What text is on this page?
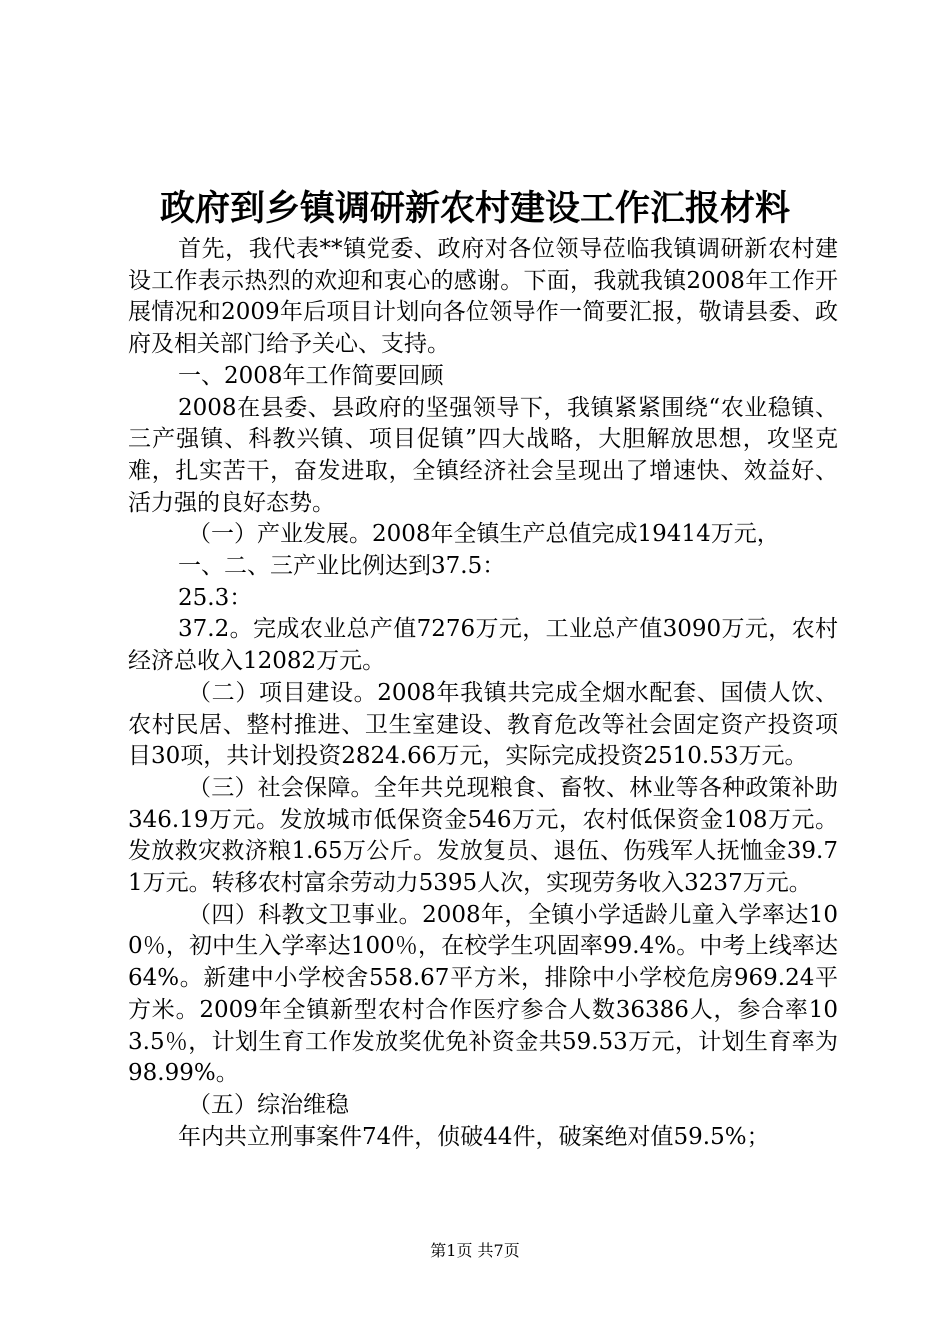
政府到乡镇调研新农村建设工作汇报材料

首先，我代表**镇党委、政府对各位领导莅临我镇调研新农村建设工作表示热烈的欢迎和衷心的感谢。下面，我就我镇2008年工作开展情况和2009年后项目计划向各位领导作一简要汇报，敬请县委、政府及相关部门给予关心、支持。

一、2008年工作简要回顾

2008在县委、县政府的坚强领导下，我镇紧紧围绕“农业稳镇、三产强镇、科教兴镇、项目促镇”四大战略，大胆解放思想，攻坚克难，扎实苦干，奋发进取，全镇经济社会呈现出了增速快、效益好、活力强的良好态势。

（一）产业发展。2008年全镇生产总值完成19414万元，

一、二、三产业比例达到37.5：

25.3：

37.2。完成农业总产值7276万元，工业总产值3090万元，农村经济总收入12082万元。

（二）项目建设。2008年我镇共完成全烟水配套、国债人饮、农村民居、整村推进、卫生室建设、教育危改等社会固定资产投资项目30项，共计划投资2824.66万元，实际完成投资2510.53万元。

（三）社会保障。全年共兑现粮食、畜牧、林业等各种政策补助346.19万元。发放城市低保资金546万元，农村低保资金108万元。发放救灾救济粮1.65万公斤。发放复员、退伍、伤残军人抚恤金39.71万元。转移农村富余劳动力5395人次，实现劳务收入3237万元。

（四）科教文卫事业。2008年，全镇小学适龄儿童入学率达100％，初中生入学率达100％，在校学生巩固率99.4%。中考上线率达64%。新建中小学校舍558.67平方米，排除中小学校危房969.24平方米。2009年全镇新型农村合作医疗参合人数36386人，参合率103.5％，计划生育工作发放奖优免补资金共59.53万元，计划生育率为98.99%。

（五）综治维稳

年内共立刑事案件74件，侦破44件，破案绝对值59.5%；

第1页 共7页
